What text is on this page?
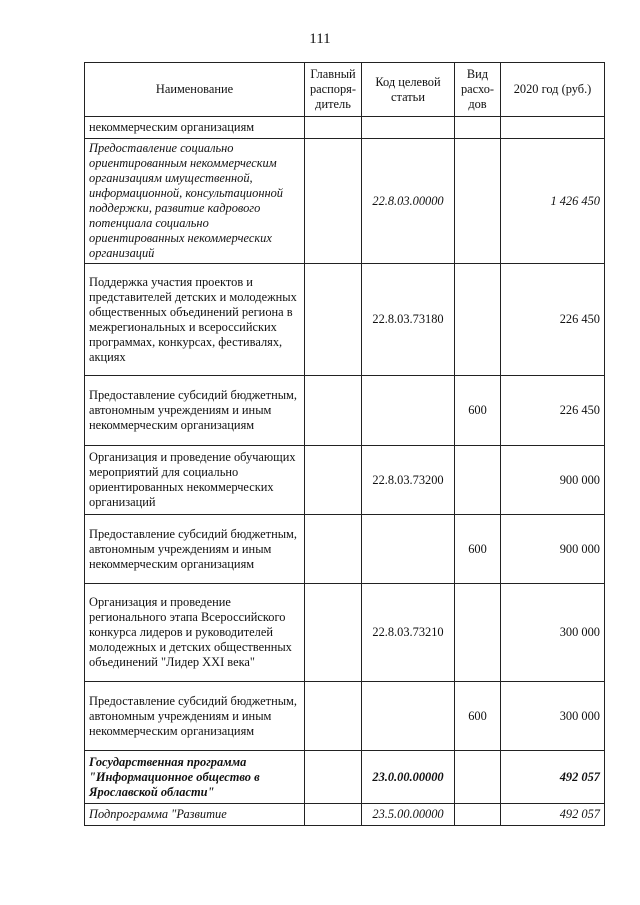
111
Наименование	Главный распоря-дитель	Код целевой статьи	Вид расхо-дов	2020 год (руб.)
некоммерческим организациям				
Предоставление социально ориентированным некоммерческим организациям имущественной, информационной, консультационной поддержки, развитие кадрового потенциала социально ориентированных некоммерческих организаций		22.8.03.00000		1 426 450
Поддержка участия проектов и представителей детских и молодежных общественных объединений региона в межрегиональных и всероссийских программах, конкурсах, фестивалях, акциях		22.8.03.73180		226 450
Предоставление субсидий бюджетным, автономным учреждениям и иным некоммерческим организациям			600	226 450
Организация и проведение обучающих мероприятий для социально ориентированных некоммерческих организаций		22.8.03.73200		900 000
Предоставление субсидий бюджетным, автономным учреждениям и иным некоммерческим организациям			600	900 000
Организация и проведение регионального этапа Всероссийского конкурса лидеров и руководителей молодежных и детских общественных объединений "Лидер XXI века"		22.8.03.73210		300 000
Предоставление субсидий бюджетным, автономным учреждениям и иным некоммерческим организациям			600	300 000
Государственная программа "Информационное общество в Ярославской области"		23.0.00.00000		492 057
Подпрограмма "Развитие		23.5.00.00000		492 057
